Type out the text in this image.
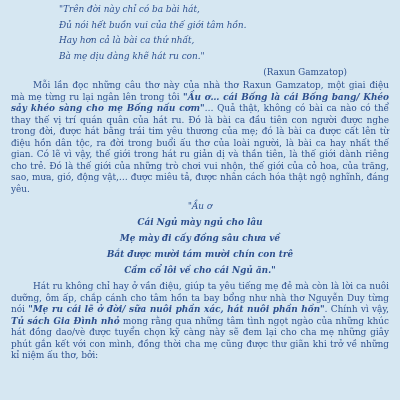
"Trên đời này chỉ có ba bài hát,
Đủ nói hết buồn vui của thế giới tâm hồn.
Hay hơn cả là bài ca thứ nhất,
Bà mẹ dịu dàng khẽ hát ru con."

(Raxun Gamzatop)

Mỗi lần đọc những câu thơ này của nhà thơ Raxun Gamzatop, một giai điệu mà mẹ từng ru lại ngân lên trong tôi "Ầu ơ… cái Bống là cái Bống bang/ Khéo sảy khéo sàng cho mẹ Bống nấu cơm"… Quả thật, không có bài ca nào có thể thay thế vị trí quán quân của hát ru. Đó là bài ca đầu tiên con người được nghe trong đời, được hát bằng trái tim yêu thương của mẹ; đó là bài ca được cất lên từ điệu hồn dân tộc, ra đời trong buổi ấu thơ của loài người, là bài ca hay nhất thế gian. Có lẽ vì vậy, thế giới trong hát ru giản dị và thần tiên, là thế giới dành riêng cho trẻ. Đó là thế giới của những trò chơi vui nhộn, thế giới của cỏ hoa, của trăng, sao, mưa, gió, động vật,… được miêu tả, được nhân cách hóa thật ngộ nghĩnh, đáng yêu.

"Ầu ơ
Cái Ngủ mày ngủ cho lâu
Mẹ mày đi cấy đồng sâu chưa về
Bắt được mười tám mười chín con trê
Cầm cổ lôi về cho cái Ngủ ăn."

Hát ru không chỉ hay ở vần điệu, giúp ta yêu tiếng mẹ đẻ mà còn là lời ca nuôi dưỡng, ôm ấp, chắp cánh cho tâm hồn ta bay bổng như nhà thơ Nguyễn Duy từng nói "Mẹ ru cái lẽ ở đời/ sữa nuôi phần xác, hát nuôi phần hồn". Chính vì vậy, Tủ sách Gia Đình nhỏ mong rằng qua những tâm tình ngọt ngào của những khúc hát đồng dao/vè được tuyển chọn kỹ càng này sẽ đem lại cho cha mẹ những giây phút gắn kết với con mình, đồng thời cha mẹ cũng được thư giãn khi trở về những kỉ niệm ấu thơ, bởi:
